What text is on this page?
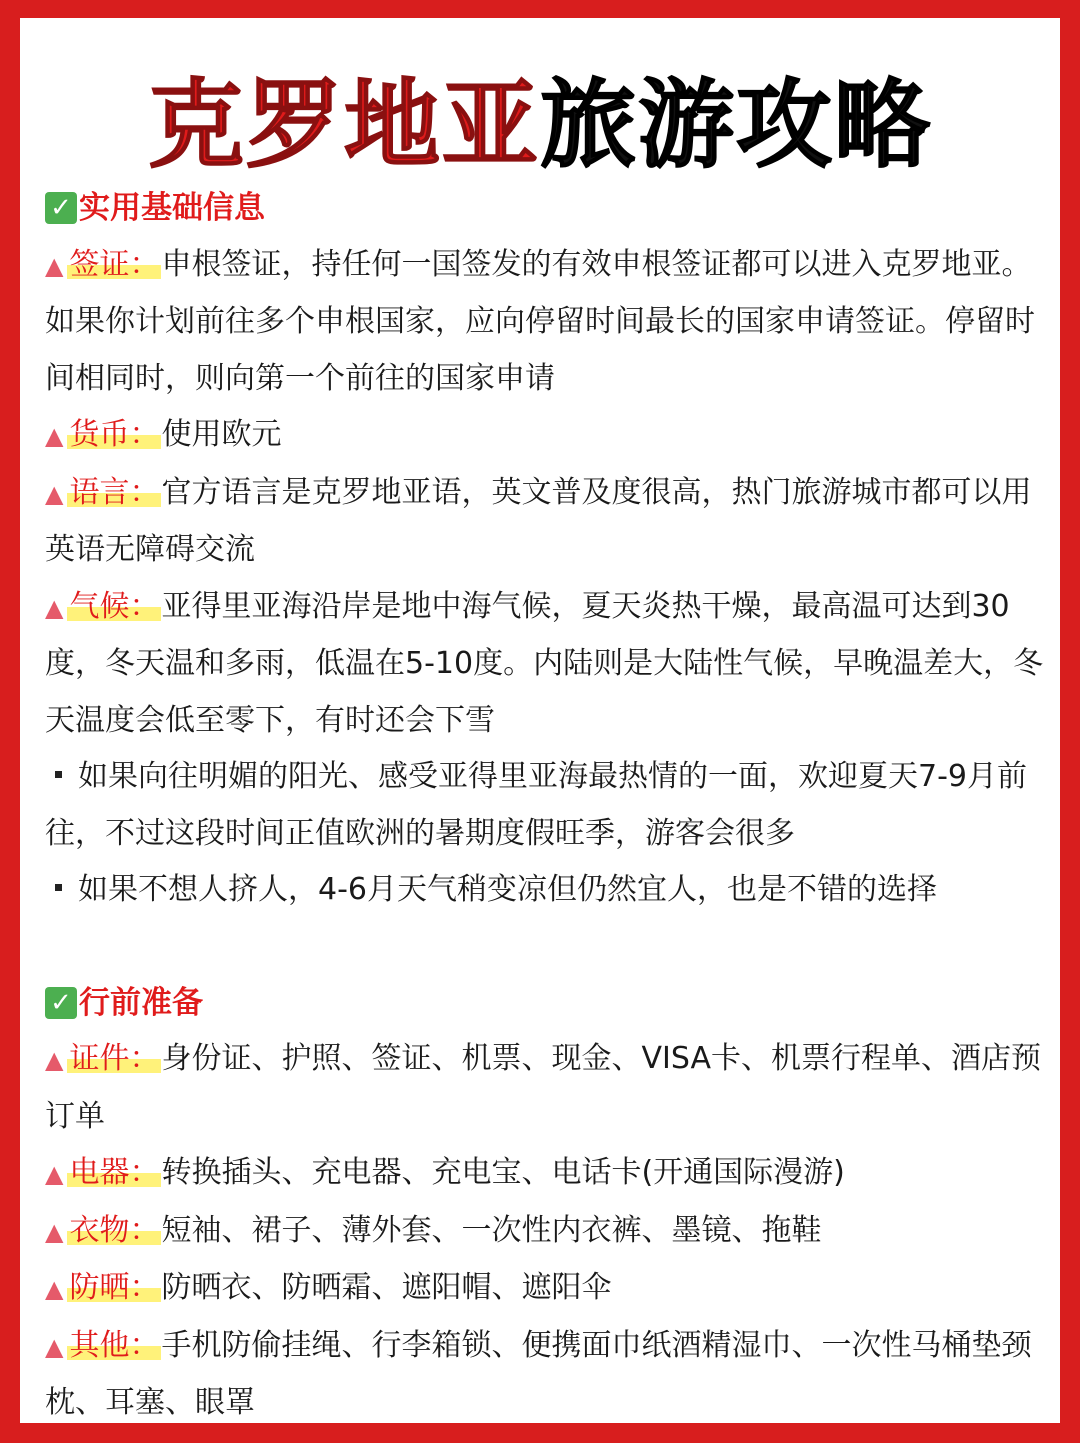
克罗地亚旅游攻略
✓ 实用基础信息
▲ 签证：申根签证，持任何一国签发的有效申根签证都可以进入克罗地亚。如果你计划前往多个申根国家，应向停留时间最长的国家申请签证。停留时间相同时，则向第一个前往的国家申请
▲ 货币：使用欧元
▲ 语言：官方语言是克罗地亚语，英文普及度很高，热门旅游城市都可以用英语无障碍交流
▲ 气候：亚得里亚海沿岸是地中海气候，夏天炎热干燥，最高温可达到30度，冬天温和多雨，低温在5-10度。内陆则是大陆性气候，早晚温差大，冬天温度会低至零下，有时还会下雪
如果向往明媚的阳光、感受亚得里亚海最热情的一面，欢迎夏天7-9月前往，不过这段时间正值欧洲的暑期度假旺季，游客会很多
如果不想人挤人，4-6月天气稍变凉但仍然宜人，也是不错的选择
✓ 行前准备
▲ 证件：身份证、护照、签证、机票、现金、VISA卡、机票行程单、酒店预订单
▲ 电器：转换插头、充电器、充电宝、电话卡(开通国际漫游)
▲ 衣物：短袖、裙子、薄外套、一次性内衣裤、墨镜、拖鞋
▲ 防晒：防晒衣、防晒霜、遮阳帽、遮阳伞
▲ 其他：手机防偷挂绳、行李箱锁、便携面巾纸酒精湿巾、一次性马桶垫颈枕、耳塞、眼罩
